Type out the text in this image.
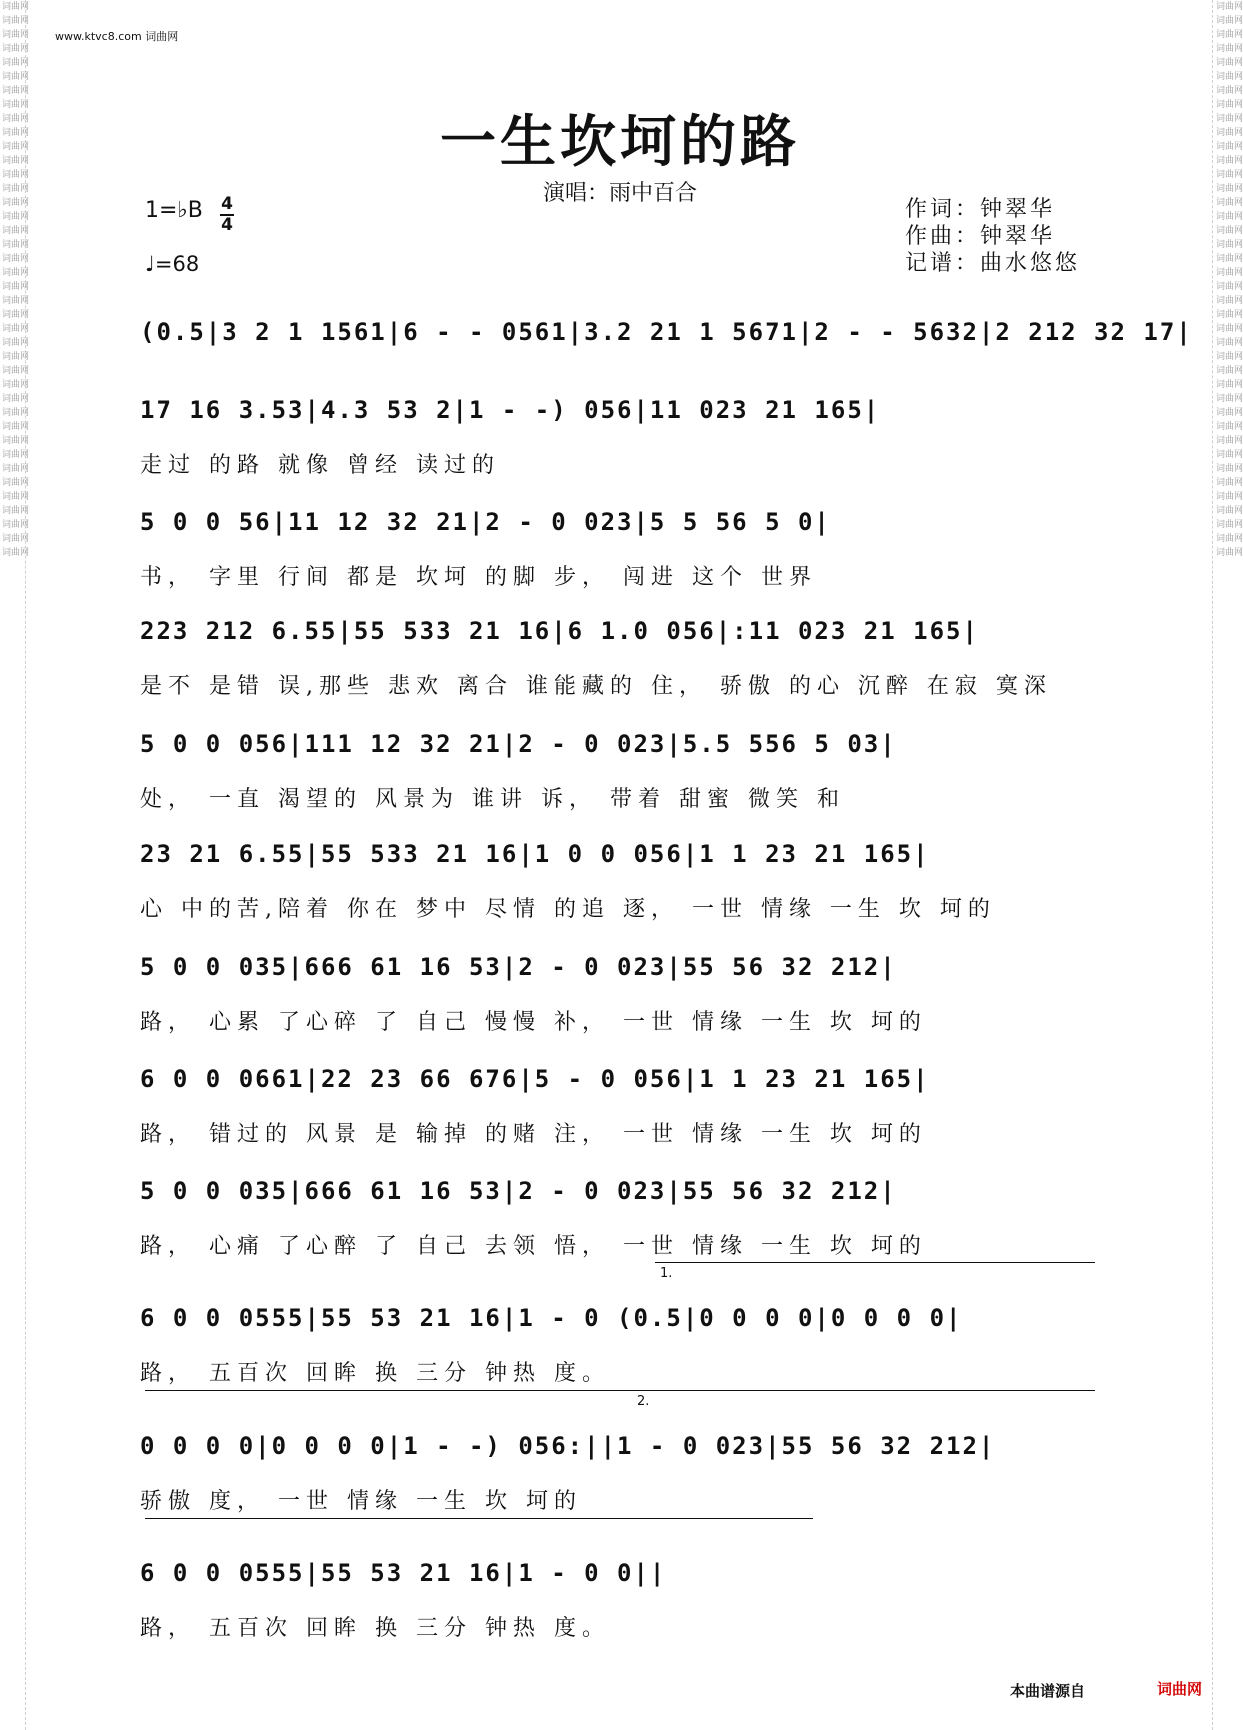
词曲网
词曲网
词曲网
词曲网
词曲网
词曲网
词曲网
词曲网
词曲网
词曲网
词曲网
词曲网
词曲网
词曲网
词曲网
词曲网
词曲网
词曲网
词曲网
词曲网
词曲网
词曲网
词曲网
词曲网
词曲网
词曲网
词曲网
词曲网
词曲网
词曲网
词曲网
词曲网
词曲网
词曲网
词曲网
词曲网
词曲网
词曲网
词曲网
词曲网

词曲网
词曲网
词曲网
词曲网
词曲网
词曲网
词曲网
词曲网
词曲网
词曲网
词曲网
词曲网
词曲网
词曲网
词曲网
词曲网
词曲网
词曲网
词曲网
词曲网
词曲网
词曲网
词曲网
词曲网
词曲网
词曲网
词曲网
词曲网
词曲网
词曲网
词曲网
词曲网
词曲网
词曲网
词曲网
词曲网
词曲网
词曲网
词曲网
词曲网

www.ktvc8.com 词曲网
一生坎坷的路
演唱：雨中百合
1=♭B 4
4
♩=68
作词：钟翠华
作曲：钟翠华
记谱：曲水悠悠
(0.5|3 2 1 1561|6 - - 0561|3.2 21 1 5671|2 - - 5632|2 212 32 17|
17 16 3.53|4.3 53 2|1 - -) 056|11 023 21 165|
走过 的路 就像 曾经 读过的
5 0 0 56|11 12 32 21|2 - 0 023|5 5 56 5 0|
书， 字里 行间 都是 坎坷 的脚 步， 闯进 这个 世界
223 212 6.55|55 533 21 16|6 1.0 056|:11 023 21 165|
是不 是错 误,那些 悲欢 离合 谁能藏的 住， 骄傲 的心 沉醉 在寂 寞深
5 0 0 056|111 12 32 21|2 - 0 023|5.5 556 5 03|
处， 一直 渴望的 风景为 谁讲 诉， 带着 甜蜜 微笑 和
23 21 6.55|55 533 21 16|1 0 0 056|1 1 23 21 165|
心 中的苦,陪着 你在 梦中 尽情 的追 逐， 一世 情缘 一生 坎 坷的
5 0 0 035|666 61 16 53|2 - 0 023|55 56 32 212|
路， 心累 了心碎 了 自己 慢慢 补， 一世 情缘 一生 坎 坷的
6 0 0 0661|22 23 66 676|5 - 0 056|1 1 23 21 165|
路， 错过的 风景 是 输掉 的赌 注， 一世 情缘 一生 坎 坷的
5 0 0 035|666 61 16 53|2 - 0 023|55 56 32 212|
路， 心痛 了心醉 了 自己 去领 悟， 一世 情缘 一生 坎 坷的
1.
6 0 0 0555|55 53 21 16|1 - 0 (0.5|0 0 0 0|0 0 0 0|
路， 五百次 回眸 换 三分 钟热 度。
2.
0 0 0 0|0 0 0 0|1 - -) 056:||1 - 0 023|55 56 32 212|
骄傲 度， 一世 情缘 一生 坎 坷的
6 0 0 0555|55 53 21 16|1 - 0 0||
路， 五百次 回眸 换 三分 钟热 度。
本曲谱源自	词曲网
